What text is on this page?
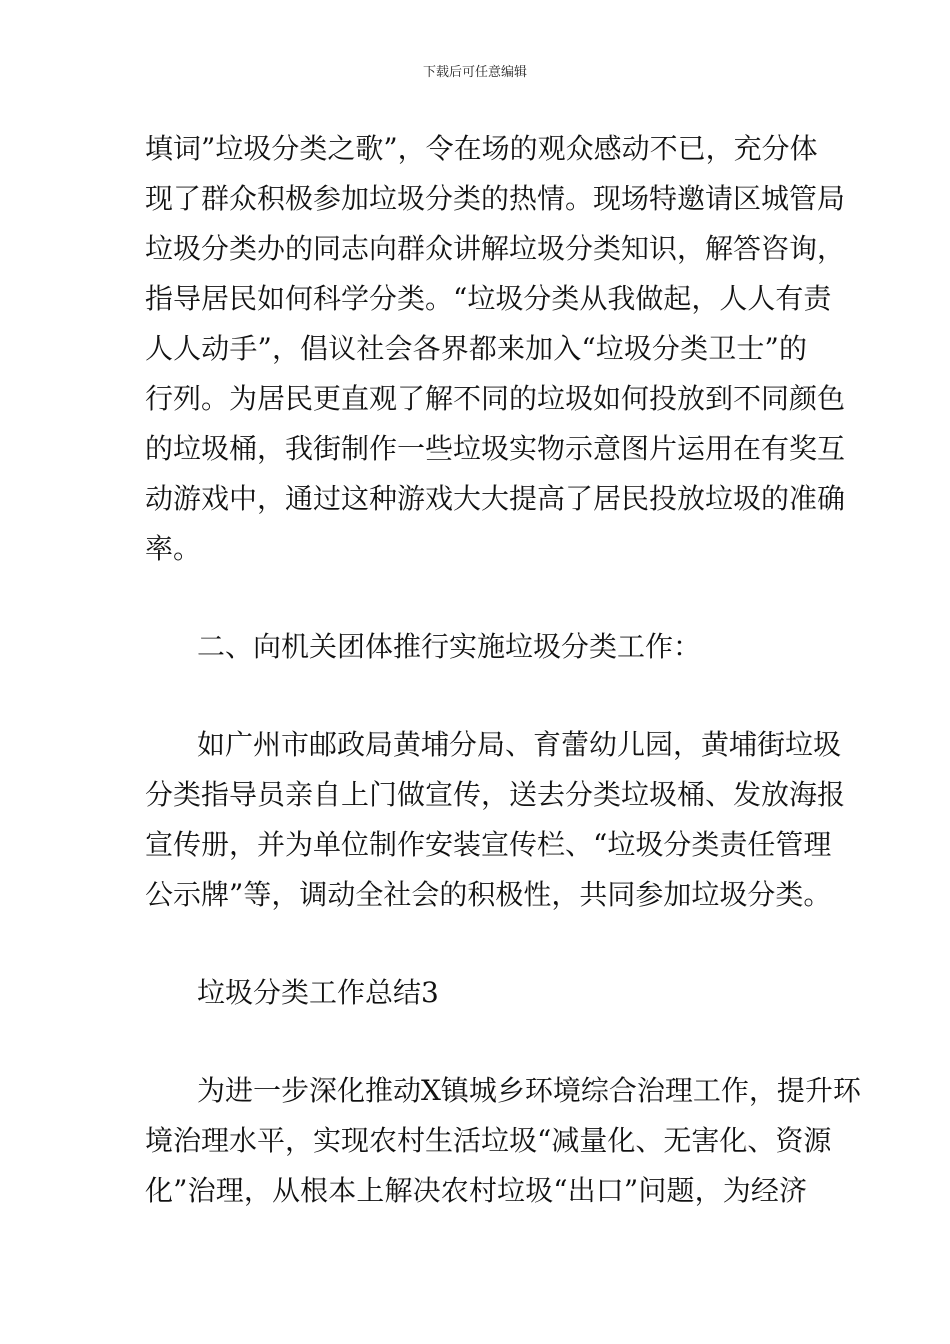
下载后可任意编辑
填词”垃圾分类之歌”，令在场的观众感动不已，充分体
现了群众积极参加垃圾分类的热情。现场特邀请区城管局
垃圾分类办的同志向群众讲解垃圾分类知识，解答咨询，
指导居民如何科学分类。“垃圾分类从我做起，人人有责
人人动手”，倡议社会各界都来加入“垃圾分类卫士”的
行列。为居民更直观了解不同的垃圾如何投放到不同颜色
的垃圾桶，我街制作一些垃圾实物示意图片运用在有奖互
动游戏中，通过这种游戏大大提高了居民投放垃圾的准确
率。
二、向机关团体推行实施垃圾分类工作：
如广州市邮政局黄埔分局、育蕾幼儿园，黄埔街垃圾
分类指导员亲自上门做宣传，送去分类垃圾桶、发放海报
宣传册，并为单位制作安装宣传栏、“垃圾分类责任管理
公示牌”等，调动全社会的积极性，共同参加垃圾分类。
垃圾分类工作总结3
为进一步深化推动X镇城乡环境综合治理工作，提升环
境治理水平，实现农村生活垃圾“减量化、无害化、资源
化”治理，从根本上解决农村垃圾“出口”问题，为经济
